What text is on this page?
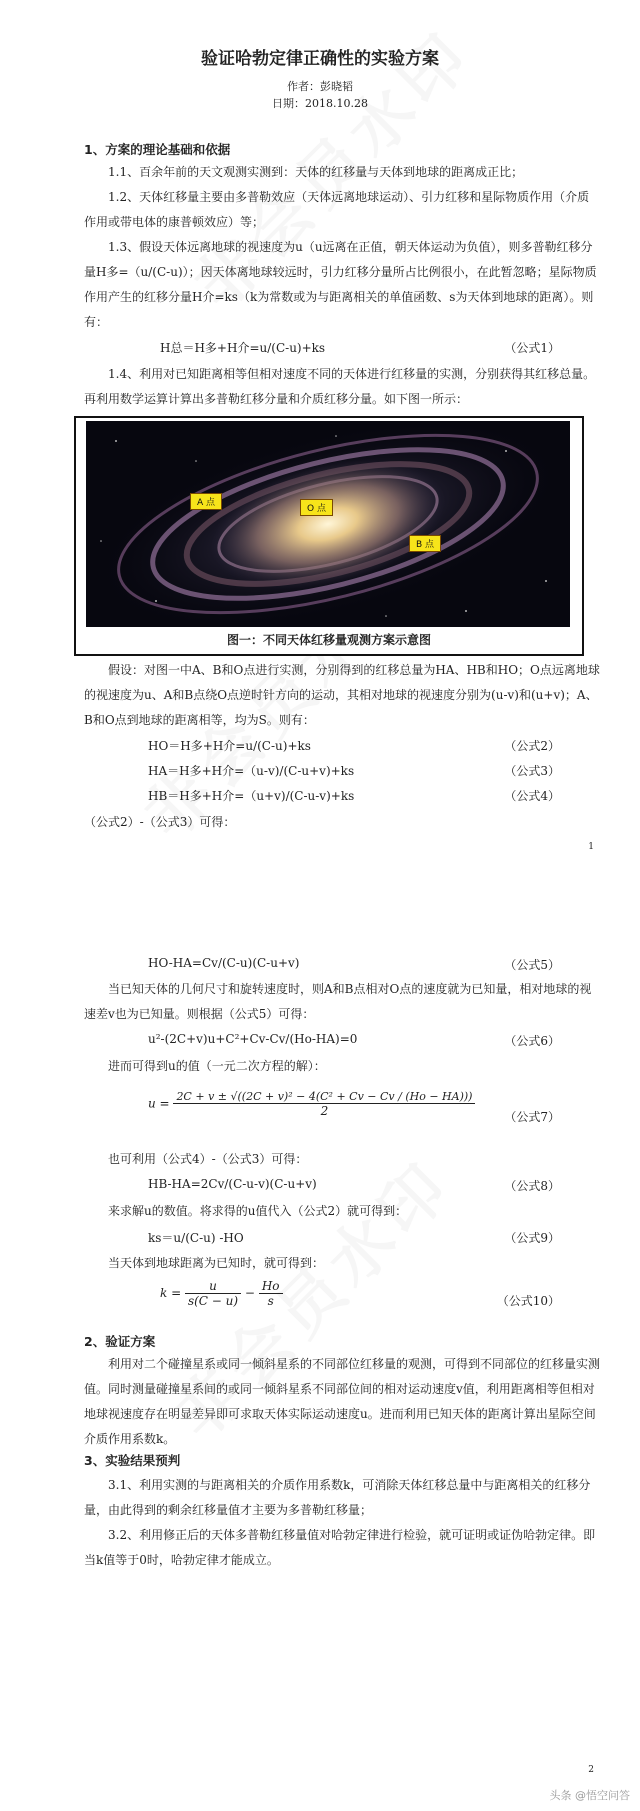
验证哈勃定律正确性的实验方案
作者：彭晓韬
日期：2018.10.28
1、方案的理论基础和依据
1.1、百余年前的天文观测实测到：天体的红移量与天体到地球的距离成正比；
1.2、天体红移量主要由多普勒效应（天体远离地球运动）、引力红移和星际物质作用（介质作用或带电体的康普顿效应）等；
1.3、假设天体远离地球的视速度为u（u远离在正值，朝天体运动为负值），则多普勒红移分量H多=（u/(C-u)）；因天体离地球较远时，引力红移分量所占比例很小，在此暂忽略；星际物质作用产生的红移分量H介=ks（k为常数或为与距离相关的单值函数、s为天体到地球的距离）。则有：
H总＝H多+H介=u/(C-u)+ks	（公式1）
1.4、利用对已知距离相等但相对速度不同的天体进行红移量的实测，分别获得其红移总量。再利用数学运算计算出多普勒红移分量和介质红移分量。如下图一所示：
A 点
O 点
B 点
图一：不同天体红移量观测方案示意图
假设：对图一中A、B和O点进行实测，分别得到的红移总量为HA、HB和HO；O点远离地球的视速度为u、A和B点绕O点逆时针方向的运动，其相对地球的视速度分别为(u-v)和(u+v)；A、B和O点到地球的距离相等，均为S。则有：
HO＝H多+H介=u/(C-u)+ks	（公式2）
HA＝H多+H介=（u-v)/(C-u+v)+ks	（公式3）
HB＝H多+H介=（u+v)/(C-u-v)+ks	（公式4）
（公式2）-（公式3）可得：
1
HO-HA=Cv/(C-u)(C-u+v)	（公式5）
当已知天体的几何尺寸和旋转速度时，则A和B点相对O点的速度就为已知量，相对地球的视速差v也为已知量。则根据（公式5）可得：
u²-(2C+v)u+C²+Cv-Cv/(Ho-HA)=0	（公式6）
进而可得到u的值（一元二次方程的解）：
$u = \frac{\text{2C + v ± √((2C + v)² − 4(C² + Cv − Cv / (Ho − HA)))}}{2}$ （公式7）
也可利用（公式4）-（公式3）可得：
HB-HA=2Cv/(C-u-v)(C-u+v)	（公式8）
来求解u的数值。将求得的u值代入（公式2）就可得到：
ks＝u/(C-u) -HO	（公式9）
当天体到地球距离为已知时，就可得到：
$k = \frac{u}{s(C - u)} - \frac{Ho}{s}$	（公式10）
2、验证方案
利用对二个碰撞星系或同一倾斜星系的不同部位红移量的观测，可得到不同部位的红移量实测值。同时测量碰撞星系间的或同一倾斜星系不同部位间的相对运动速度v值，利用距离相等但相对地球视速度存在明显差异即可求取天体实际运动速度u。进而利用已知天体的距离计算出星际空间介质作用系数k。
3、实验结果预判
3.1、利用实测的与距离相关的介质作用系数k，可消除天体红移总量中与距离相关的红移分量，由此得到的剩余红移量值才主要为多普勒红移量；
3.2、利用修正后的天体多普勒红移量值对哈勃定律进行检验，就可证明或证伪哈勃定律。即当k值等于0时，哈勃定律才能成立。
2
头条 @悟空问答
